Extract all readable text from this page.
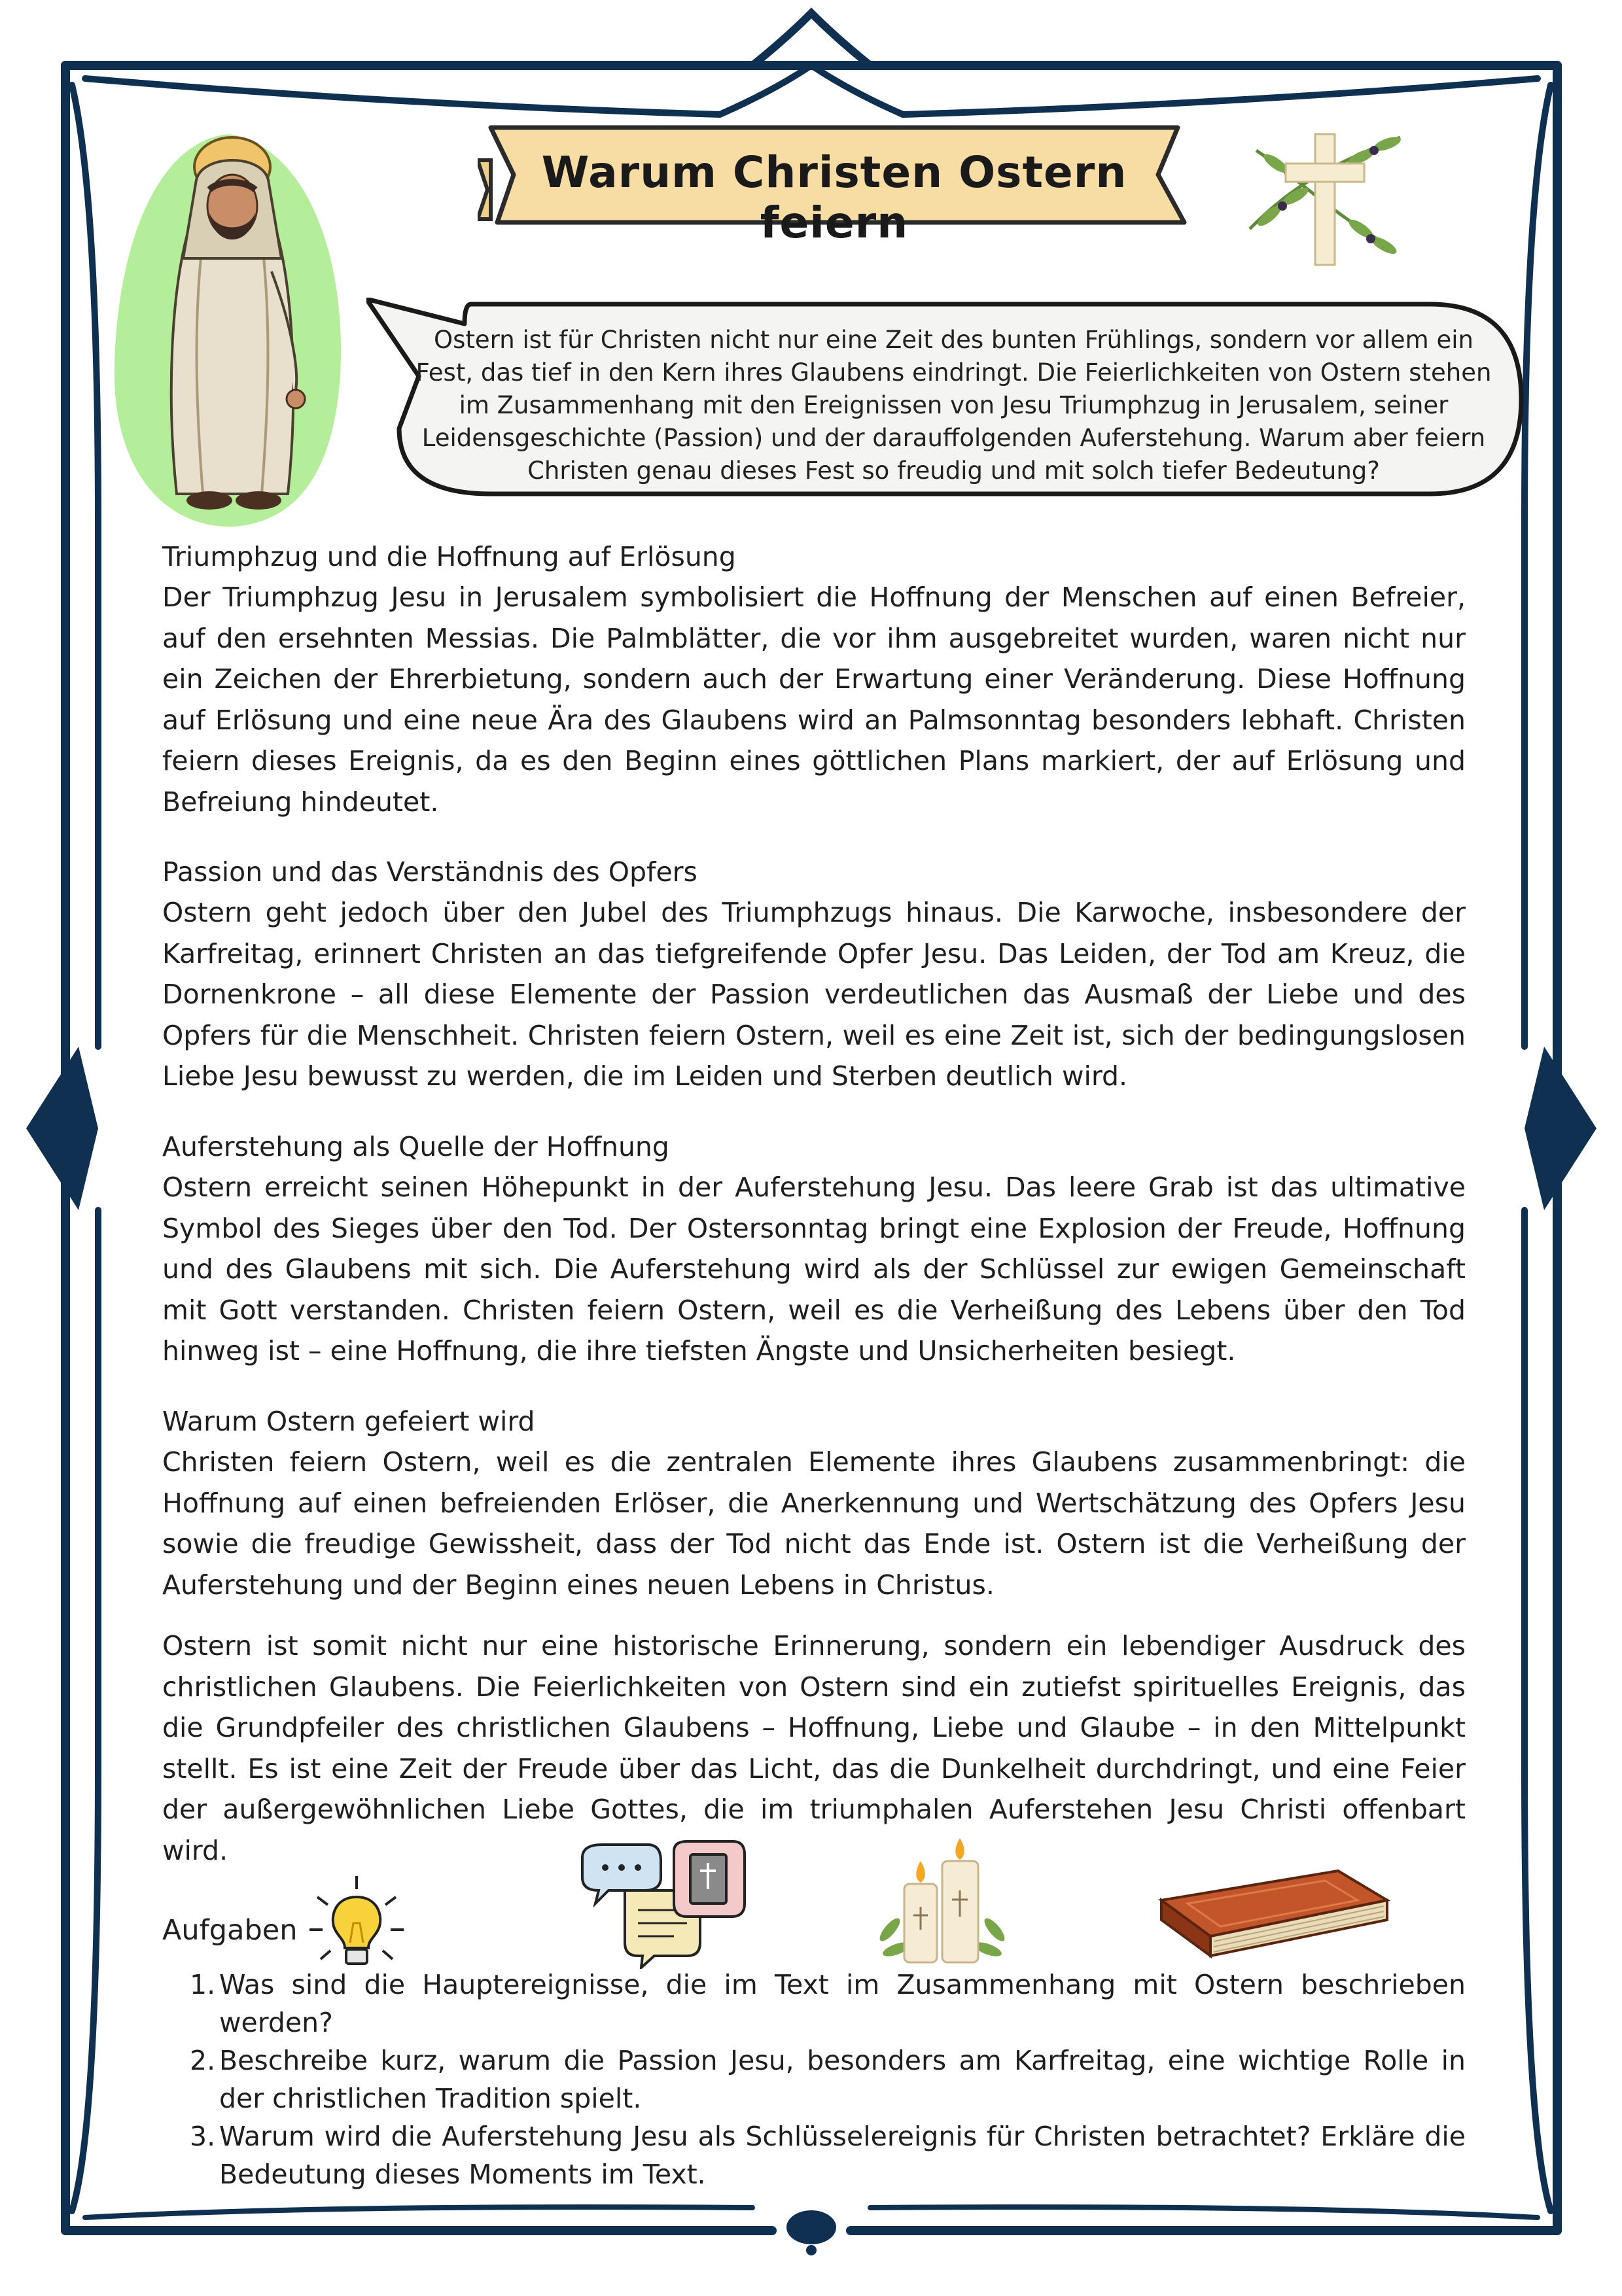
Warum Christen Ostern feiern
Ostern ist für Christen nicht nur eine Zeit des bunten Frühlings, sondern vor allem ein Fest, das tief in den Kern ihres Glaubens eindringt. Die Feierlichkeiten von Ostern stehen im Zusammenhang mit den Ereignissen von Jesu Triumphzug in Jerusalem, seiner Leidensgeschichte (Passion) und der darauffolgenden Auferstehung. Warum aber feiern Christen genau dieses Fest so freudig und mit solch tiefer Bedeutung?

Triumphzug und die Hoffnung auf Erlösung

Der Triumphzug Jesu in Jerusalem symbolisiert die Hoffnung der Menschen auf einen Befreier, auf den ersehnten Messias. Die Palmblätter, die vor ihm ausgebreitet wurden, waren nicht nur ein Zeichen der Ehrerbietung, sondern auch der Erwartung einer Veränderung. Diese Hoffnung auf Erlösung und eine neue Ära des Glaubens wird an Palmsonntag besonders lebhaft. Christen feiern dieses Ereignis, da es den Beginn eines göttlichen Plans markiert, der auf Erlösung und Befreiung hindeutet.

Passion und das Verständnis des Opfers

Ostern geht jedoch über den Jubel des Triumphzugs hinaus. Die Karwoche, insbesondere der Karfreitag, erinnert Christen an das tiefgreifende Opfer Jesu. Das Leiden, der Tod am Kreuz, die Dornenkrone – all diese Elemente der Passion verdeutlichen das Ausmaß der Liebe und des Opfers für die Menschheit. Christen feiern Ostern, weil es eine Zeit ist, sich der bedingungslosen Liebe Jesu bewusst zu werden, die im Leiden und Sterben deutlich wird.

Auferstehung als Quelle der Hoffnung

Ostern erreicht seinen Höhepunkt in der Auferstehung Jesu. Das leere Grab ist das ultimative Symbol des Sieges über den Tod. Der Ostersonntag bringt eine Explosion der Freude, Hoffnung und des Glaubens mit sich. Die Auferstehung wird als der Schlüssel zur ewigen Gemeinschaft mit Gott verstanden. Christen feiern Ostern, weil es die Verheißung des Lebens über den Tod hinweg ist – eine Hoffnung, die ihre tiefsten Ängste und Unsicherheiten besiegt.

Warum Ostern gefeiert wird

Christen feiern Ostern, weil es die zentralen Elemente ihres Glaubens zusammenbringt: die Hoffnung auf einen befreienden Erlöser, die Anerkennung und Wertschätzung des Opfers Jesu sowie die freudige Gewissheit, dass der Tod nicht das Ende ist. Ostern ist die Verheißung der Auferstehung und der Beginn eines neuen Lebens in Christus.

Ostern ist somit nicht nur eine historische Erinnerung, sondern ein lebendiger Ausdruck des christlichen Glaubens. Die Feierlichkeiten von Ostern sind ein zutiefst spirituelles Ereignis, das die Grundpfeiler des christlichen Glaubens – Hoffnung, Liebe und Glaube – in den Mittelpunkt stellt. Es ist eine Zeit der Freude über das Licht, das die Dunkelheit durchdringt, und eine Feier der außergewöhnlichen Liebe Gottes, die im triumphalen Auferstehen Jesu Christi offenbart wird.

Aufgaben
1. Was sind die Hauptereignisse, die im Text im Zusammenhang mit Ostern beschrieben werden?
2. Beschreibe kurz, warum die Passion Jesu, besonders am Karfreitag, eine wichtige Rolle in der christlichen Tradition spielt.
3. Warum wird die Auferstehung Jesu als Schlüsselereignis für Christen betrachtet? Erkläre die Bedeutung dieses Moments im Text.
